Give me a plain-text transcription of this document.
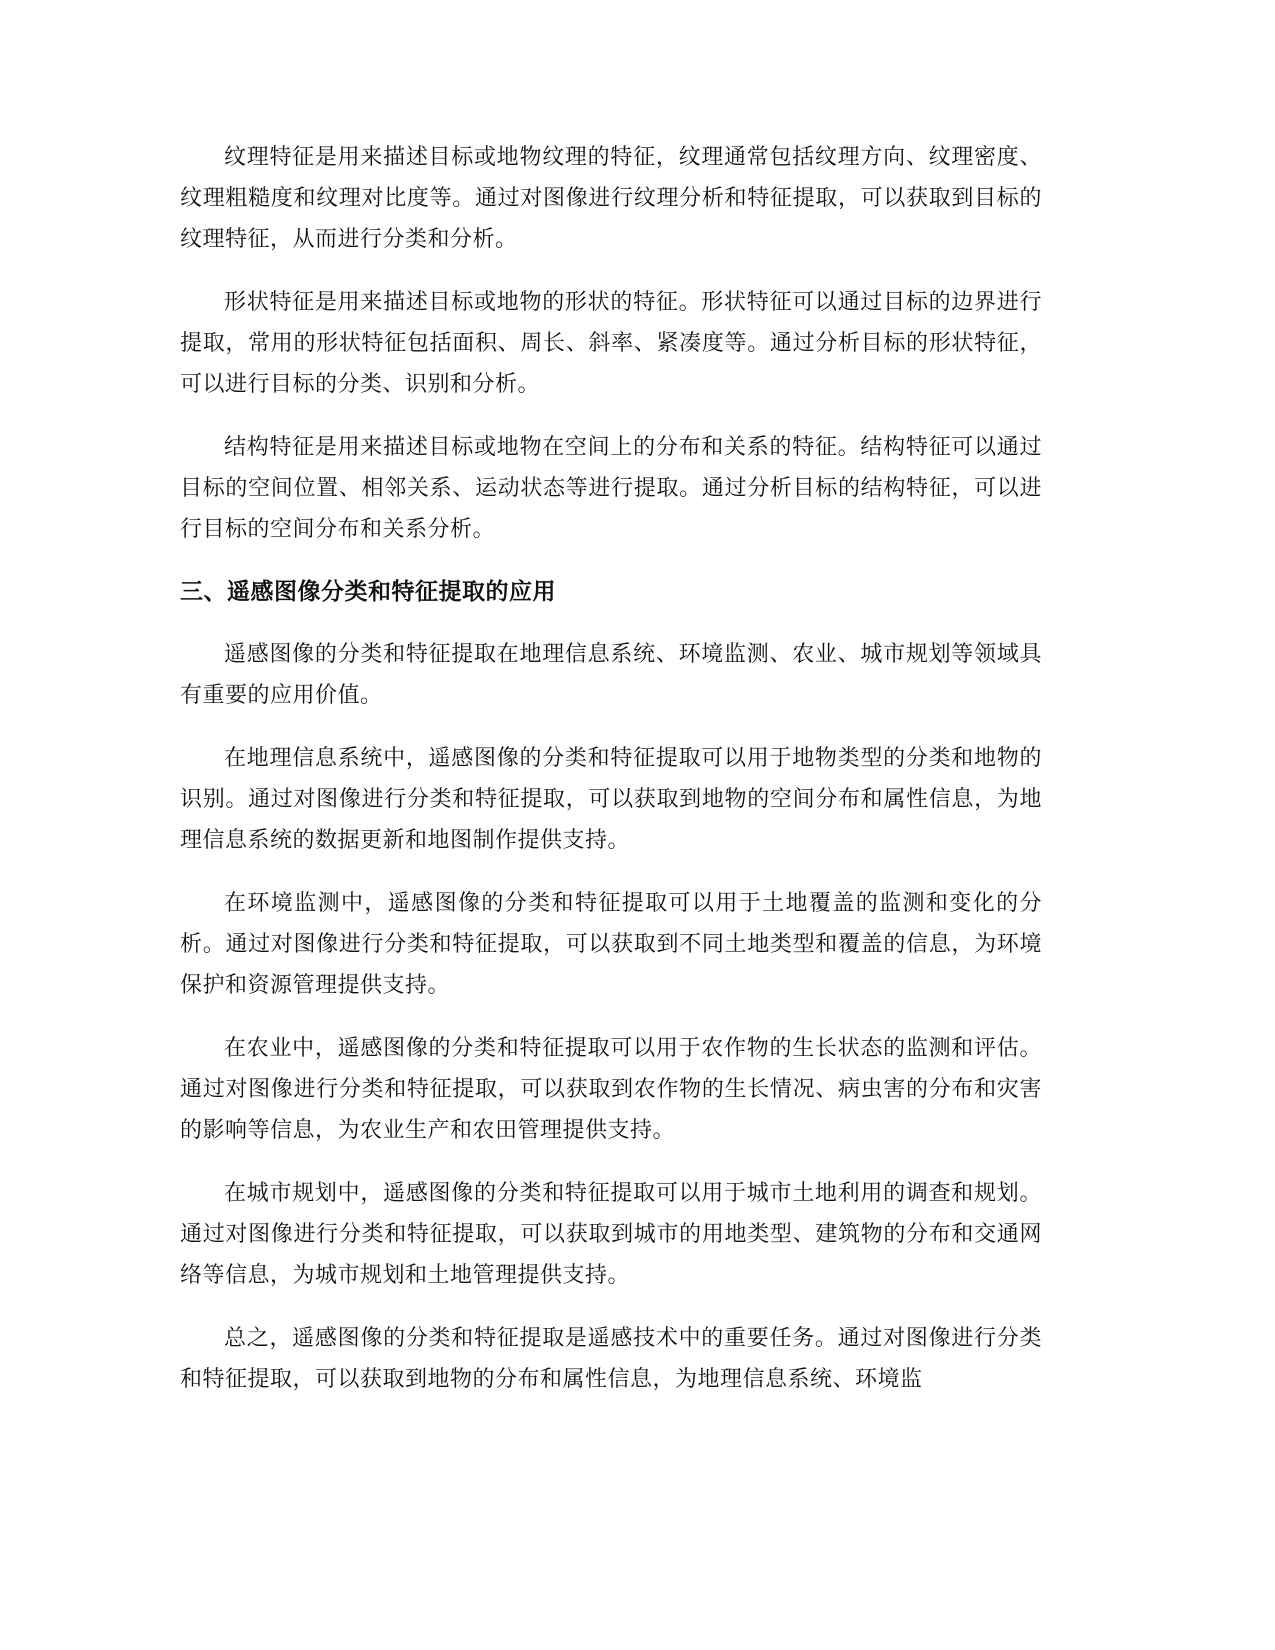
纹理特征是用来描述目标或地物纹理的特征，纹理通常包括纹理方向、纹理密度、纹理粗糙度和纹理对比度等。通过对图像进行纹理分析和特征提取，可以获取到目标的纹理特征，从而进行分类和分析。

形状特征是用来描述目标或地物的形状的特征。形状特征可以通过目标的边界进行提取，常用的形状特征包括面积、周长、斜率、紧凑度等。通过分析目标的形状特征，可以进行目标的分类、识别和分析。

结构特征是用来描述目标或地物在空间上的分布和关系的特征。结构特征可以通过目标的空间位置、相邻关系、运动状态等进行提取。通过分析目标的结构特征，可以进行目标的空间分布和关系分析。

三、遥感图像分类和特征提取的应用

遥感图像的分类和特征提取在地理信息系统、环境监测、农业、城市规划等领域具有重要的应用价值。

在地理信息系统中，遥感图像的分类和特征提取可以用于地物类型的分类和地物的识别。通过对图像进行分类和特征提取，可以获取到地物的空间分布和属性信息，为地理信息系统的数据更新和地图制作提供支持。

在环境监测中，遥感图像的分类和特征提取可以用于土地覆盖的监测和变化的分析。通过对图像进行分类和特征提取，可以获取到不同土地类型和覆盖的信息，为环境保护和资源管理提供支持。

在农业中，遥感图像的分类和特征提取可以用于农作物的生长状态的监测和评估。通过对图像进行分类和特征提取，可以获取到农作物的生长情况、病虫害的分布和灾害的影响等信息，为农业生产和农田管理提供支持。

在城市规划中，遥感图像的分类和特征提取可以用于城市土地利用的调查和规划。通过对图像进行分类和特征提取，可以获取到城市的用地类型、建筑物的分布和交通网络等信息，为城市规划和土地管理提供支持。

总之，遥感图像的分类和特征提取是遥感技术中的重要任务。通过对图像进行分类和特征提取，可以获取到地物的分布和属性信息，为地理信息系统、环境监
